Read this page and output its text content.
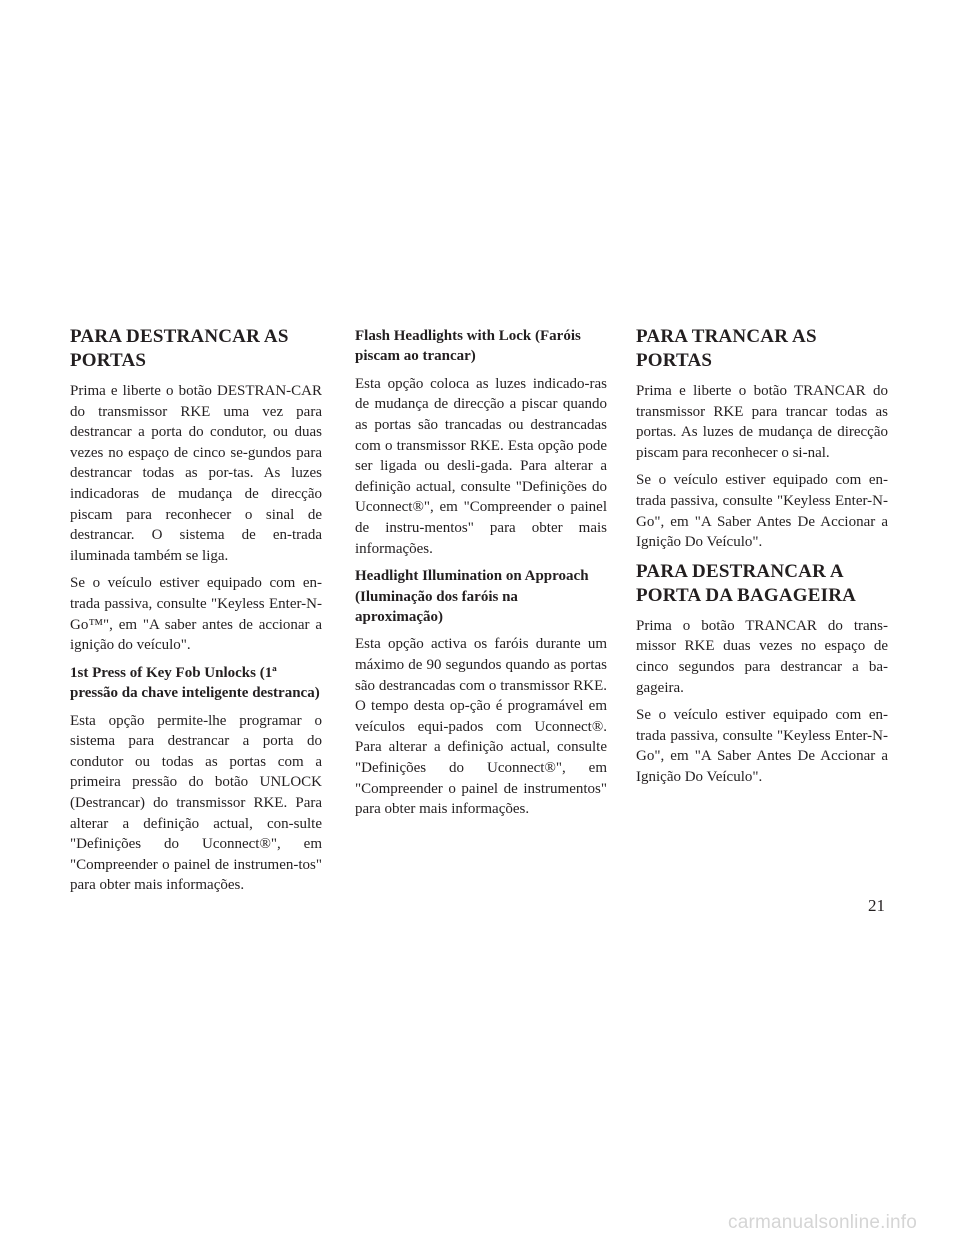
PARA DESTRANCAR AS PORTAS

Prima e liberte o botão DESTRAN-CAR do transmissor RKE uma vez para destrancar a porta do condutor, ou duas vezes no espaço de cinco se-gundos para destrancar todas as por-tas. As luzes indicadoras de mudança de direcção piscam para reconhecer o sinal de destrancar. O sistema de en-trada iluminada também se liga.

Se o veículo estiver equipado com en-trada passiva, consulte "Keyless Enter-N-Go™", em "A saber antes de accionar a ignição do veículo".

1st Press of Key Fob Unlocks (1ª pressão da chave inteligente destranca)

Esta opção permite-lhe programar o sistema para destrancar a porta do condutor ou todas as portas com a primeira pressão do botão UNLOCK (Destrancar) do transmissor RKE. Para alterar a definição actual, con-sulte "Definições do Uconnect®", em "Compreender o painel de instrumen-tos" para obter mais informações.

Flash Headlights with Lock (Faróis piscam ao trancar)

Esta opção coloca as luzes indicado-ras de mudança de direcção a piscar quando as portas são trancadas ou destrancadas com o transmissor RKE. Esta opção pode ser ligada ou desli-gada. Para alterar a definição actual, consulte "Definições do Uconnect®", em "Compreender o painel de instru-mentos" para obter mais informações.

Headlight Illumination on Approach (Iluminação dos faróis na aproximação)

Esta opção activa os faróis durante um máximo de 90 segundos quando as portas são destrancadas com o transmissor RKE. O tempo desta op-ção é programável em veículos equi-pados com Uconnect®. Para alterar a definição actual, consulte "Definições do Uconnect®", em "Compreender o painel de instrumentos" para obter mais informações.

PARA TRANCAR AS PORTAS

Prima e liberte o botão TRANCAR do transmissor RKE para trancar todas as portas. As luzes de mudança de direcção piscam para reconhecer o si-nal.

Se o veículo estiver equipado com en-trada passiva, consulte "Keyless Enter-N-Go", em "A Saber Antes De Accionar a Ignição Do Veículo".

PARA DESTRANCAR A PORTA DA BAGAGEIRA

Prima o botão TRANCAR do trans-missor RKE duas vezes no espaço de cinco segundos para destrancar a ba-gageira.

Se o veículo estiver equipado com en-trada passiva, consulte "Keyless Enter-N-Go", em "A Saber Antes De Accionar a Ignição Do Veículo".

21
carmanualsonline.info
